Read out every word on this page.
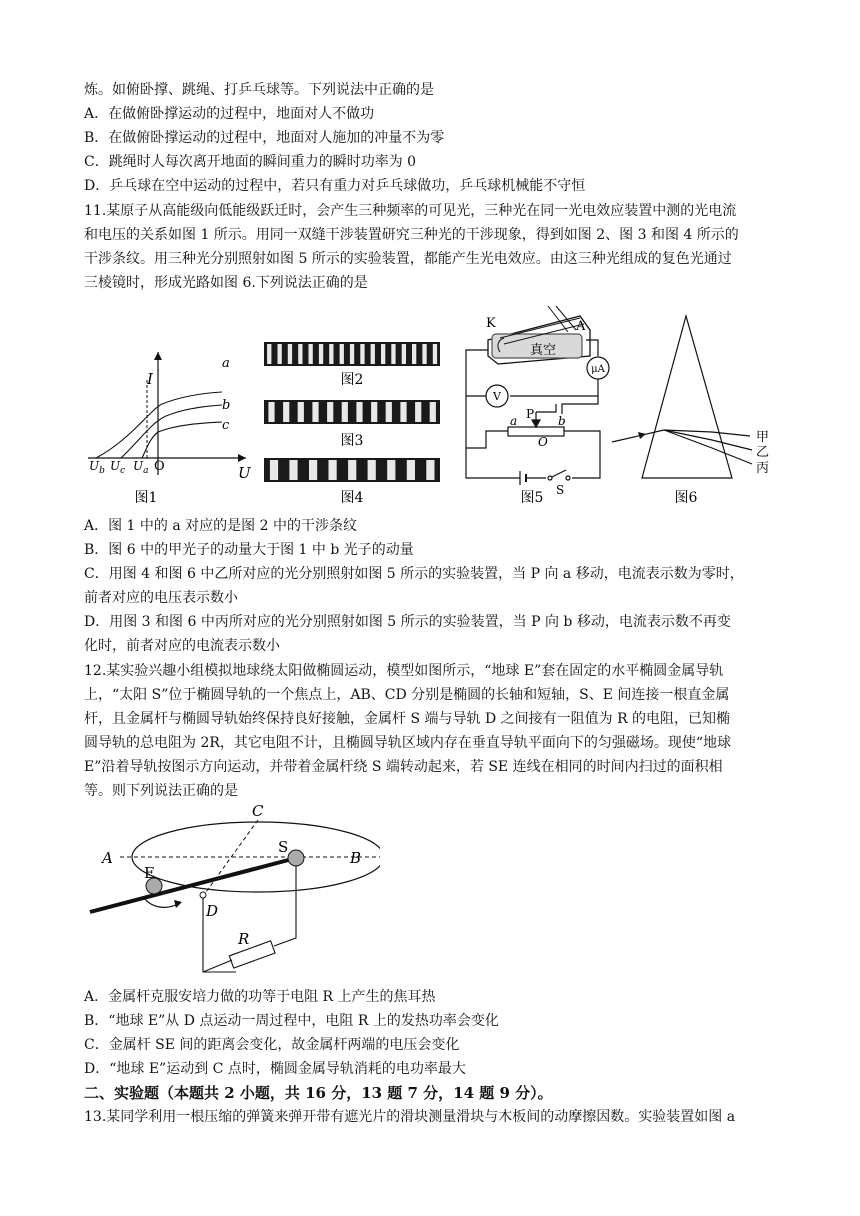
炼。如俯卧撑、跳绳、打乒乓球等。下列说法中正确的是
A．在做俯卧撑运动的过程中，地面对人不做功
B．在做俯卧撑运动的过程中，地面对人施加的冲量不为零
C．跳绳时人每次离开地面的瞬间重力的瞬时功率为 0
D．乒乓球在空中运动的过程中，若只有重力对乒乓球做功，乒乓球机械能不守恒
11.某原子从高能级向低能级跃迁时，会产生三种频率的可见光，三种光在同一光电效应装置中测的光电流
和电压的关系如图 1 所示。用同一双缝干涉装置研究三种光的干涉现象，得到如图 2、图 3 和图 4 所示的
干涉条纹。用三种光分别照射如图 5 所示的实验装置，都能产生光电效应。由这三种光组成的复色光通过
三棱镜时，形成光路如图 6.下列说法正确的是
I
U
O
a
b
c
$U_b$ $U_c$ $U_a$
图1
图2
图3
图4
K	A
真空
μA
V
a	b
P
O
S
图5
甲
乙
丙
图6
A．图 1 中的 a 对应的是图 2 中的干涉条纹
B．图 6 中的甲光子的动量大于图 1 中 b 光子的动量
C．用图 4 和图 6 中乙所对应的光分别照射如图 5 所示的实验装置，当 P 向 a 移动，电流表示数为零时，
前者对应的电压表示数小
D．用图 3 和图 6 中丙所对应的光分别照射如图 5 所示的实验装置，当 P 向 b 移动，电流表示数不再变
化时，前者对应的电流表示数小
12.某实验兴趣小组模拟地球绕太阳做椭圆运动，模型如图所示，“地球 E”套在固定的水平椭圆金属导轨
上，“太阳 S”位于椭圆导轨的一个焦点上，AB、CD 分别是椭圆的长轴和短轴，S、E 间连接一根直金属
杆，且金属杆与椭圆导轨始终保持良好接触，金属杆 S 端与导轨 D 之间接有一阻值为 R 的电阻，已知椭
圆导轨的总电阻为 2R，其它电阻不计，且椭圆导轨区域内存在垂直导轨平面向下的匀强磁场。现使“地球
E”沿着导轨按图示方向运动，并带着金属杆绕 S 端转动起来，若 SE 连线在相同的时间内扫过的面积相
等。则下列说法正确的是
A	B
C
D
E
S
R
A．金属杆克服安培力做的功等于电阻 R 上产生的焦耳热
B．“地球 E”从 D 点运动一周过程中，电阻 R 上的发热功率会变化
C．金属杆 SE 间的距离会变化，故金属杆两端的电压会变化
D．“地球 E”运动到 C 点时，椭圆金属导轨消耗的电功率最大
二、实验题（本题共 2 小题，共 16 分，13 题 7 分，14 题 9 分）。
13.某同学利用一根压缩的弹簧来弹开带有遮光片的滑块测量滑块与木板间的动摩擦因数。实验装置如图 a
